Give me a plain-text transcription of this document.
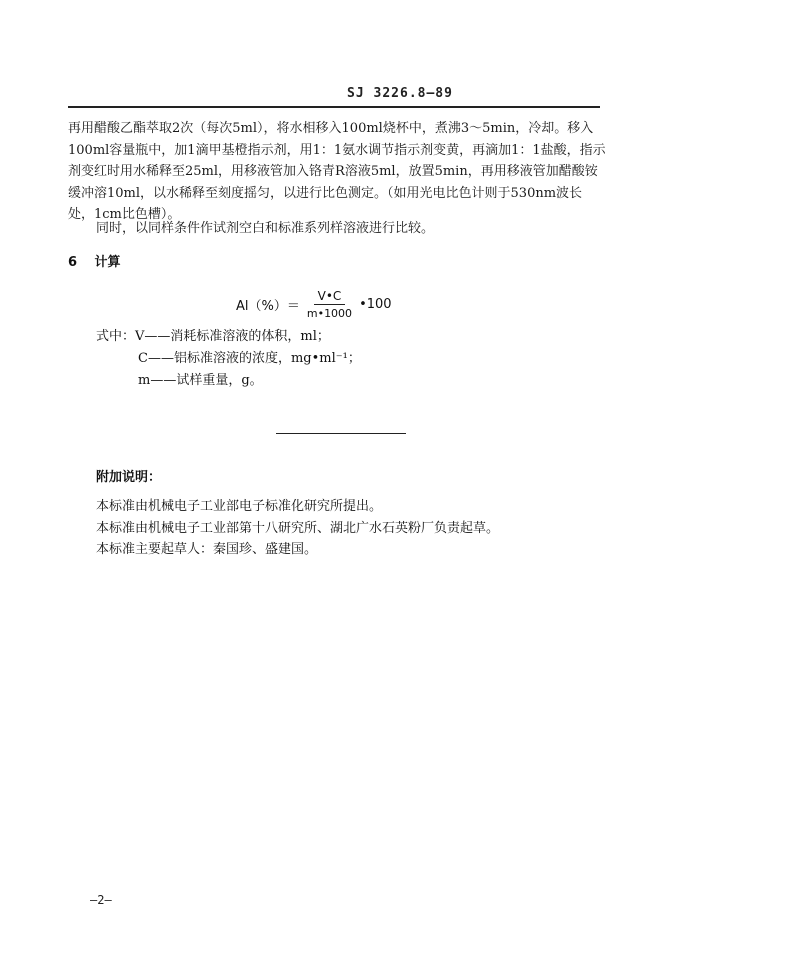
SJ 3226.8—89
再用醋酸乙酯萃取2次（每次5ml），将水相移入100ml烧杯中，煮沸3～5min，冷却。移入100ml容量瓶中，加1滴甲基橙指示剂，用1：1氨水调节指示剂变黄，再滴加1：1盐酸，指示剂变红时用水稀释至25ml，用移液管加入铬青R溶液5ml，放置5min，再用移液管加醋酸铵缓冲溶10ml，以水稀释至刻度摇匀，以进行比色测定。（如用光电比色计则于530nm波长处，1cm比色槽）。
同时，以同样条件作试剂空白和标准系列样溶液进行比较。
6 计算
$Al(\%)= \frac{V•C}{m•1000}$ •100
式中：V——消耗标准溶液的体积，ml；
C——铝标准溶液的浓度，mg•ml⁻¹；
m——试样重量，g。
附加说明：
本标准由机械电子工业部电子标准化研究所提出。
本标准由机械电子工业部第十八研究所、湖北广水石英粉厂负责起草。
本标准主要起草人：秦国珍、盛建国。
—2—
